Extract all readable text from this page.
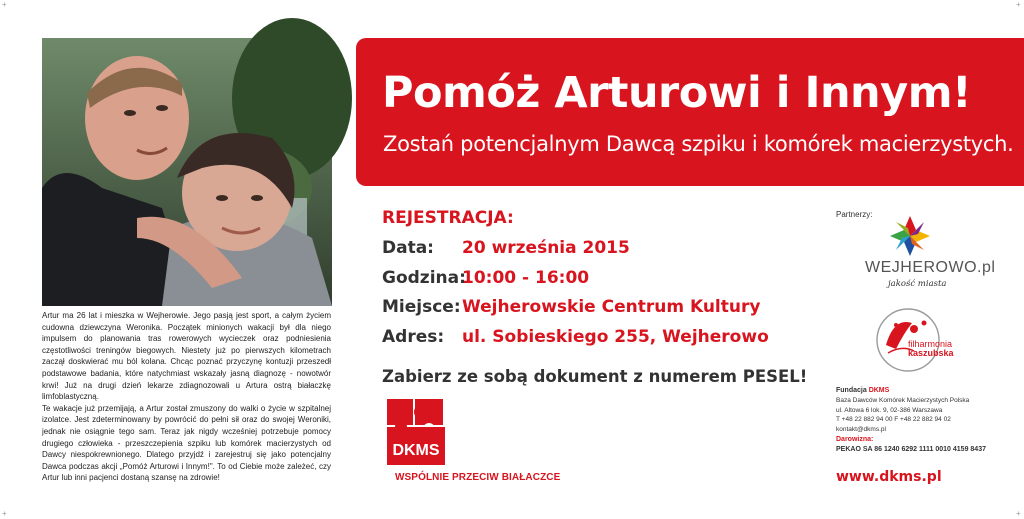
+	+
+	+

Artur ma 26 lat i mieszka w Wejherowie. Jego pasją jest sport, a całym życiem cudowna dziewczyna Weronika. Początek minionych wakacji był dla niego impulsem do planowania tras rowerowych wycieczek oraz podniesienia częstotliwości treningów biegowych. Niestety już po pierwszych kilometrach zaczął doskwierać mu ból kolana. Chcąc poznać przyczynę kontuzji przeszedł podstawowe badania, które natychmiast wskazały jasną diagnozę - nowotwór krwi! Już na drugi dzień lekarze zdiagnozowali u Artura ostrą białaczkę limfoblastyczną.

Te wakacje już przemijają, a Artur został zmuszony do walki o życie w szpitalnej izolatce. Jest zdeterminowany by powrócić do pełni sił oraz do swojej Weroniki, jednak nie osiągnie tego sam. Teraz jak nigdy wcześniej potrzebuje pomocy drugiego człowieka - przeszczepienia szpiku lub komórek macierzystych od Dawcy niespokrewnionego. Dlatego przyjdź i zarejestruj się jako potencjalny Dawca podczas akcji „Pomóż Arturowi i Innym!". To od Ciebie może zależeć, czy Artur lub inni pacjenci dostaną szansę na zdrowie!

Pomóż Arturowi i Innym!
Zostań potencjalnym Dawcą szpiku i komórek macierzystych.
REJESTRACJA:
Data: 20 września 2015
Godzina:
10:00 - 16:00
Miejsce: Wejherowskie Centrum Kultury
Adres: ul. Sobieskiego 255, Wejherowo
Zabierz ze sobą dokument z numerem PESEL!
DKMS
WSPÓLNIE PRZECIW BIAŁACZCE
Partnerzy:
WEJHEROWO.pl
jakość miasta
filharmonia
kaszubska
Fundacja DKMS
Baza Dawców Komórek Macierzystych Polska
ul. Altowa 6 lok. 9, 02-386 Warszawa
T +48 22 882 94 00 F +48 22 882 94 02
kontakt@dkms.pl
Darowizna:
PEKAO SA 86 1240 6292 1111 0010 4159 8437
www.dkms.pl
